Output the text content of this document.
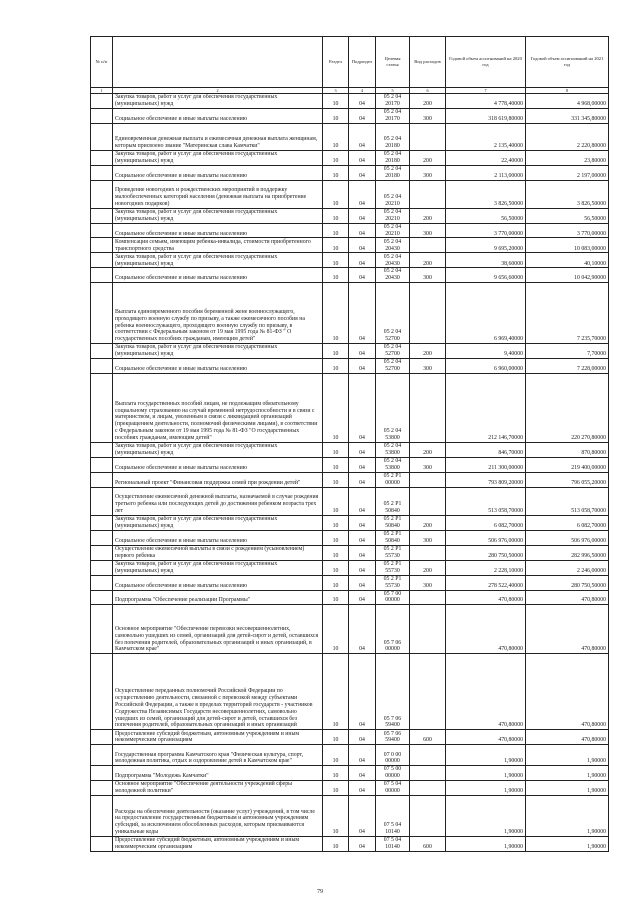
№ п/п		Раздел	Подраздел	Целевая статья	Вид расходов	Годовой объем ассигнований на 2020 год	Годовой объем ассигнований на 2021 год
1	2	3	4	5	6	7	8
	Закупка товаров, работ и услуг для обеспечения государственных (муниципальных) нужд	10	04	05 2 04 20170	200	4 778,40000	4 968,00000
	Социальное обеспечение и иные выплаты населению	10	04	05 2 04 20170	300	318 619,80000	331 345,80000
	Единовременная денежная выплата и ежемесячная денежная выплата женщинам, которым присвоено звание "Материнская слава Камчатки"	10	04	05 2 04 20180		2 135,40000	2 220,80000
	Закупка товаров, работ и услуг для обеспечения государственных (муниципальных) нужд	10	04	05 2 04 20180	200	22,40000	23,80000
	Социальное обеспечение и иные выплаты населению	10	04	05 2 04 20180	300	2 113,00000	2 197,00000
	Проведение новогодних и рождественских мероприятий в поддержку малообеспеченных категорий населения (денежная выплата на приобретение новогодних подарков)	10	04	05 2 04 20210		3 826,50000	3 826,50000
	Закупка товаров, работ и услуг для обеспечения государственных (муниципальных) нужд	10	04	05 2 04 20210	200	56,50000	56,50000
	Социальное обеспечение и иные выплаты населению	10	04	05 2 04 20210	300	3 770,00000	3 770,00000
	Компенсация семьям, имеющим ребенка-инвалида, стоимости приобретенного транспортного средства	10	04	05 2 04 20430		9 695,20000	10 083,00000
	Закупка товаров, работ и услуг для обеспечения государственных (муниципальных) нужд	10	04	05 2 04 20430	200	38,60000	40,10000
	Социальное обеспечение и иные выплаты населению	10	04	05 2 04 20430	300	9 656,60000	10 042,90000
	Выплата единовременного пособия беременной жене военнослужащего, проходящего военную службу по призыву, а также ежемесячного пособия на ребенка военнослужащего, проходящего военную службу по призыву, в соответствии с Федеральным законом от 19 мая 1995 года № 81-ФЗ " О государственных пособиях гражданам, имеющим детей"	10	04	05 2 04 52700		6 969,40000	7 235,70000
	Закупка товаров, работ и услуг для обеспечения государственных (муниципальных) нужд	10	04	05 2 04 52700	200	9,40000	7,70000
	Социальное обеспечение и иные выплаты населению	10	04	05 2 04 52700	300	6 960,00000	7 228,00000
	Выплата государственных пособий лицам, не подлежащим обязательному социальному страхованию на случай временной нетрудоспособности и в связи с материнством, и лицам, уволенным в связи с ликвидацией организаций (прекращением деятельности, полномочий физическими лицами), в соответствии с Федеральным законом от 19 мая 1995 года № 81-ФЗ "О государственных пособиях гражданам, имеющим детей"	10	04	05 2 04 53800		212 146,70000	220 270,80000
	Закупка товаров, работ и услуг для обеспечения государственных (муниципальных) нужд	10	04	05 2 04 53800	200	846,70000	870,80000
	Социальное обеспечение и иные выплаты населению	10	04	05 2 04 53800	300	211 300,00000	219 400,00000
	Региональный проект "Финансовая поддержка семей при рождении детей"	10	04	05 2 P1 00000		793 809,20000	796 055,20000
	Осуществление ежемесячной денежной выплаты, назначаемой в случае рождения третьего ребенка или последующих детей до достижения ребенком возраста трех лет	10	04	05 2 P1 50840		513 058,70000	513 058,70000
	Закупка товаров, работ и услуг для обеспечения государственных (муниципальных) нужд	10	04	05 2 P1 50840	200	6 082,70000	6 082,70000
	Социальное обеспечение и иные выплаты населению	10	04	05 2 P1 50840	300	506 976,00000	506 976,00000
	Осуществление ежемесячной выплаты в связи с рождением (усыновлением) первого ребенка	10	04	05 2 P1 55730		280 750,50000	282 996,50000
	Закупка товаров, работ и услуг для обеспечения государственных (муниципальных) нужд	10	04	05 2 P1 55730	200	2 228,10000	2 246,00000
	Социальное обеспечение и иные выплаты населению	10	04	05 2 P1 55730	300	278 522,40000	280 750,50000
	Подпрограмма "Обеспечение реализации Программы"	10	04	05 7 00 00000		470,80000	470,80000
	Основное мероприятие "Обеспечение перевозки несовершеннолетних, самовольно ушедших из семей, организаций для детей-сирот и детей, оставшихся без попечения родителей, образовательных организаций и иных организаций, в Камчатском крае"	10	04	05 7 06 00000		470,80000	470,80000
	Осуществление переданных полномочий Российской Федерации по осуществлению деятельности, связанной с перевозкой между субъектами Российской Федерации, а также в пределах территорий государств - участников Содружества Независимых Государств несовершеннолетних, самовольно ушедших из семей, организаций для детей-сирот и детей, оставшихся без попечения родителей, образовательных организаций и иных организаций	10	04	05 7 06 59400		470,80000	470,80000
	Предоставление субсидий бюджетным, автономным учреждениям и иным некоммерческим организациям	10	04	05 7 06 59400	600	470,80000	470,80000
	Государственная программа Камчатского края "Физическая культура, спорт, молодежная политика, отдых и оздоровление детей в Камчатском крае"	10	04	07 0 00 00000		1,90000	1,90000
	Подпрограмма "Молодежь Камчатки"	10	04	07 5 00 00000		1,90000	1,90000
	Основное мероприятие "Обеспечение деятельности учреждений сферы молодежной политики"	10	04	07 5 04 00000		1,90000	1,90000
	Расходы на обеспечение деятельности (оказание услуг) учреждений, в том числе на предоставление государственным бюджетным и автономным учреждениям субсидий, за исключением обособленных расходов, которым присваиваются уникальные коды	10	04	07 5 04 10140		1,90000	1,90000
	Предоставление субсидий бюджетным, автономным учреждениям и иным некоммерческим организациям	10	04	07 5 04 10140	600	1,90000	1,90000
79
